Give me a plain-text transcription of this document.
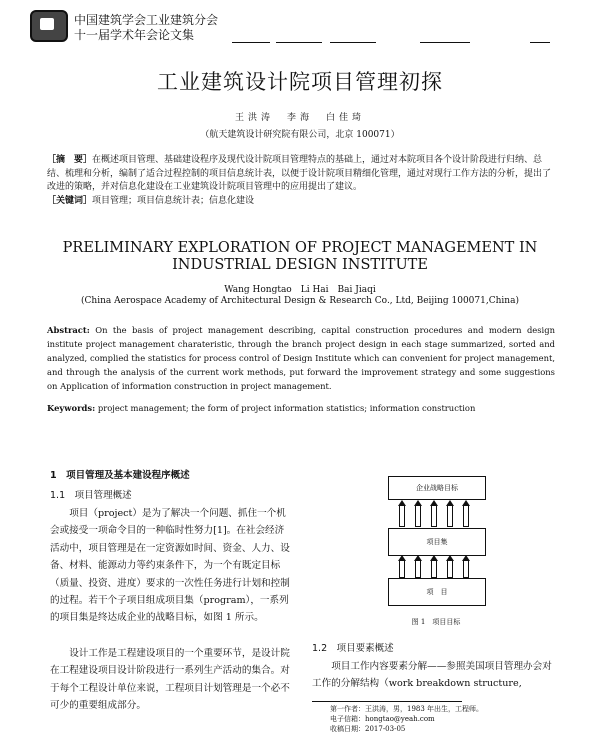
中国建筑学会工业建筑分会
十一届学术年会论文集
工业建筑设计院项目管理初探
王洪涛　李海　白佳琦
（航天建筑设计研究院有限公司，北京 100071）
［摘　要］在概述项目管理、基础建设程序及现代设计院项目管理特点的基础上，通过对本院项目各个设计阶段进行归纳、总结、梳理和分析，编制了适合过程控制的项目信息统计表，以便于设计院项目精细化管理，通过对现行工作方法的分析，提出了改进的策略，并对信息化建设在工业建筑设计院项目管理中的应用提出了建议。
［关键词］项目管理；项目信息统计表；信息化建设
PRELIMINARY EXPLORATION OF PROJECT MANAGEMENT IN INDUSTRIAL DESIGN INSTITUTE
Wang Hongtao　Li Hai　Bai Jiaqi
(China Aerospace Academy of Architectural Design & Research Co., Ltd, Beijing 100071,China)
Abstract: On the basis of project management describing, capital construction procedures and modern design institute project management charateristic, through the branch project design in each stage summarized, sorted and analyzed, complied the statistics for process control of Design Institute which can convenient for project management, and through the analysis of the current work methods, put forward the improvement strategy and some suggestions on Application of information construction in project management.
Keywords: project management; the form of project information statistics; information construction
1　项目管理及基本建设程序概述
1.1　项目管理概述
项目（project）是为了解决一个问题、抓住一个机会或接受一项命令目的一种临时性努力[1]。在社会经济活动中，项目管理是在一定资源如时间、资金、人力、设备、材料、能源动力等约束条件下，为一个有既定目标（质量、投资、进度）要求的一次性任务进行计划和控制的过程。若干个子项目组成项目集（program），一系列的项目集是终达成企业的战略目标，如图 1 所示。
设计工作是工程建设项目的一个重要环节，是设计院在工程建设项目设计阶段进行一系列生产活动的集合。对于每个工程设计单位来说，工程项目计划管理是一个必不可少的重要组成部分。
企业战略目标
项目集
项　目
图 1　项目目标
1.2　项目要素概述
项目工作内容要素分解——参照美国项目管理办会对工作的分解结构（work breakdown structure,
第一作者：王洪涛，男，1983 年出生，工程师。
电子信箱：hongtao@yeah.com
收稿日期：2017-03-05
